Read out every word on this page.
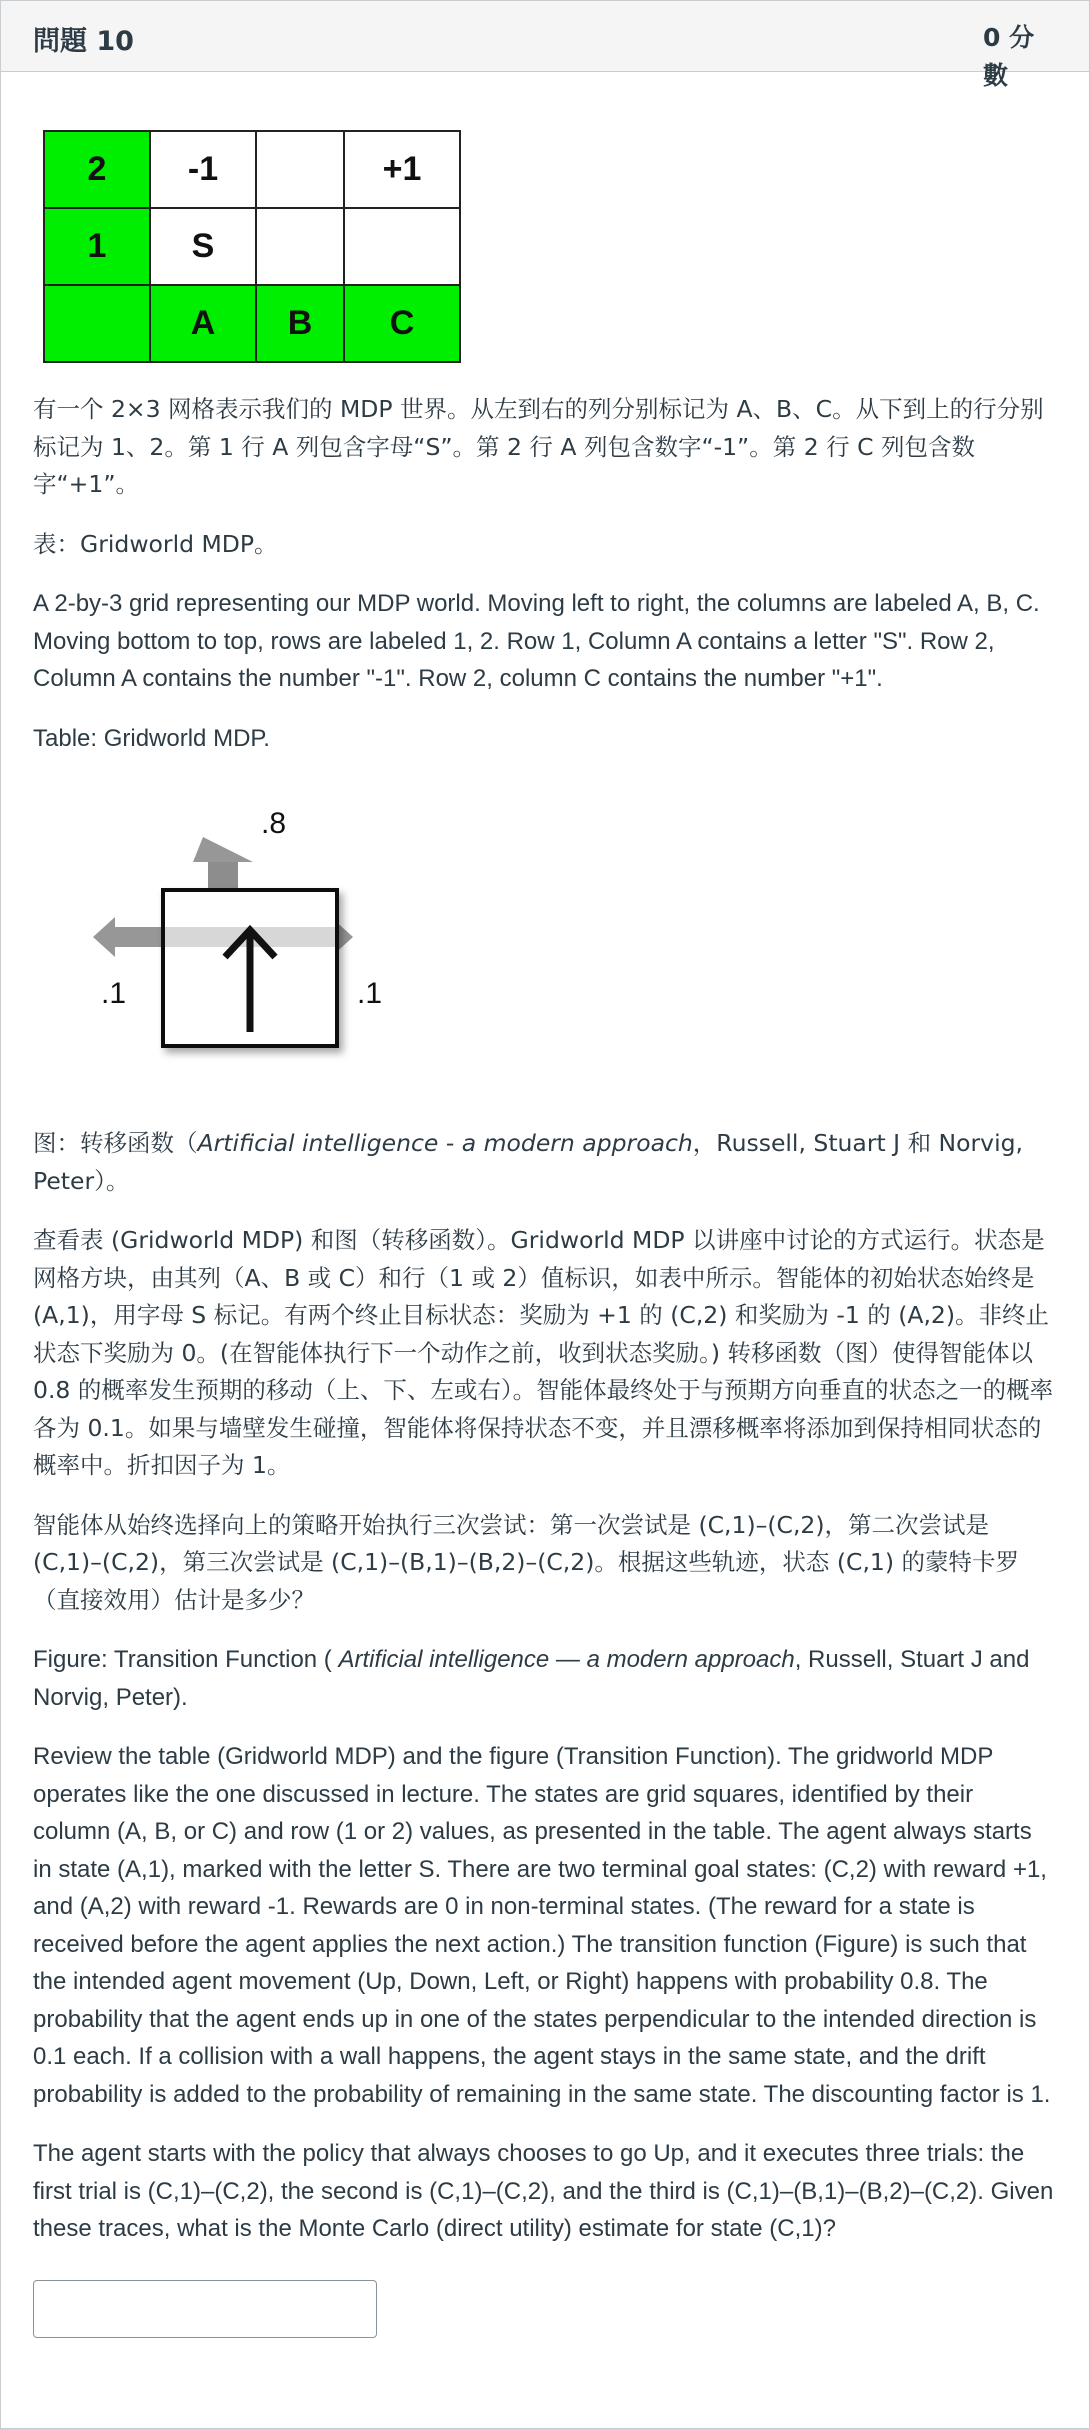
問題 10	0 分數
2	-1		+1
1	S		
	A	B	C

有一个 2×3 网格表示我们的 MDP 世界。从左到右的列分别标记为 A、B、C。从下到上的行分别标记为 1、2。第 1 行 A 列包含字母“S”。第 2 行 A 列包含数字“-1”。第 2 行 C 列包含数字“+1”。

表：Gridworld MDP。

A 2-by-3 grid representing our MDP world. Moving left to right, the columns are labeled A, B, C. Moving bottom to top, rows are labeled 1, 2. Row 1, Column A contains a letter "S". Row 2, Column A contains the number "-1". Row 2, column C contains the number "+1".

Table: Gridworld MDP.

.8
.1	.1

图：转移函数（Artificial intelligence - a modern approach，Russell, Stuart J 和 Norvig, Peter）。

查看表 (Gridworld MDP) 和图（转移函数）。Gridworld MDP 以讲座中讨论的方式运行。状态是网格方块，由其列（A、B 或 C）和行（1 或 2）值标识，如表中所示。智能体的初始状态始终是 (A,1)，用字母 S 标记。有两个终止目标状态：奖励为 +1 的 (C,2) 和奖励为 -1 的 (A,2)。非终止状态下奖励为 0。(在智能体执行下一个动作之前，收到状态奖励。) 转移函数（图）使得智能体以 0.8 的概率发生预期的移动（上、下、左或右）。智能体最终处于与预期方向垂直的状态之一的概率各为 0.1。如果与墙壁发生碰撞，智能体将保持状态不变，并且漂移概率将添加到保持相同状态的概率中。折扣因子为 1。

智能体从始终选择向上的策略开始执行三次尝试：第一次尝试是 (C,1)–(C,2)，第二次尝试是 (C,1)–(C,2)，第三次尝试是 (C,1)–(B,1)–(B,2)–(C,2)。根据这些轨迹，状态 (C,1) 的蒙特卡罗（直接效用）估计是多少？

Figure: Transition Function ( Artificial intelligence — a modern approach, Russell, Stuart J and Norvig, Peter).

Review the table (Gridworld MDP) and the figure (Transition Function). The gridworld MDP operates like the one discussed in lecture. The states are grid squares, identified by their column (A, B, or C) and row (1 or 2) values, as presented in the table. The agent always starts in state (A,1), marked with the letter S. There are two terminal goal states: (C,2) with reward +1, and (A,2) with reward -1. Rewards are 0 in non-terminal states. (The reward for a state is received before the agent applies the next action.) The transition function (Figure) is such that the intended agent movement (Up, Down, Left, or Right) happens with probability 0.8. The probability that the agent ends up in one of the states perpendicular to the intended direction is 0.1 each. If a collision with a wall happens, the agent stays in the same state, and the drift probability is added to the probability of remaining in the same state. The discounting factor is 1.

The agent starts with the policy that always chooses to go Up, and it executes three trials: the first trial is (C,1)–(C,2), the second is (C,1)–(C,2), and the third is (C,1)–(B,1)–(B,2)–(C,2). Given these traces, what is the Monte Carlo (direct utility) estimate for state (C,1)?
